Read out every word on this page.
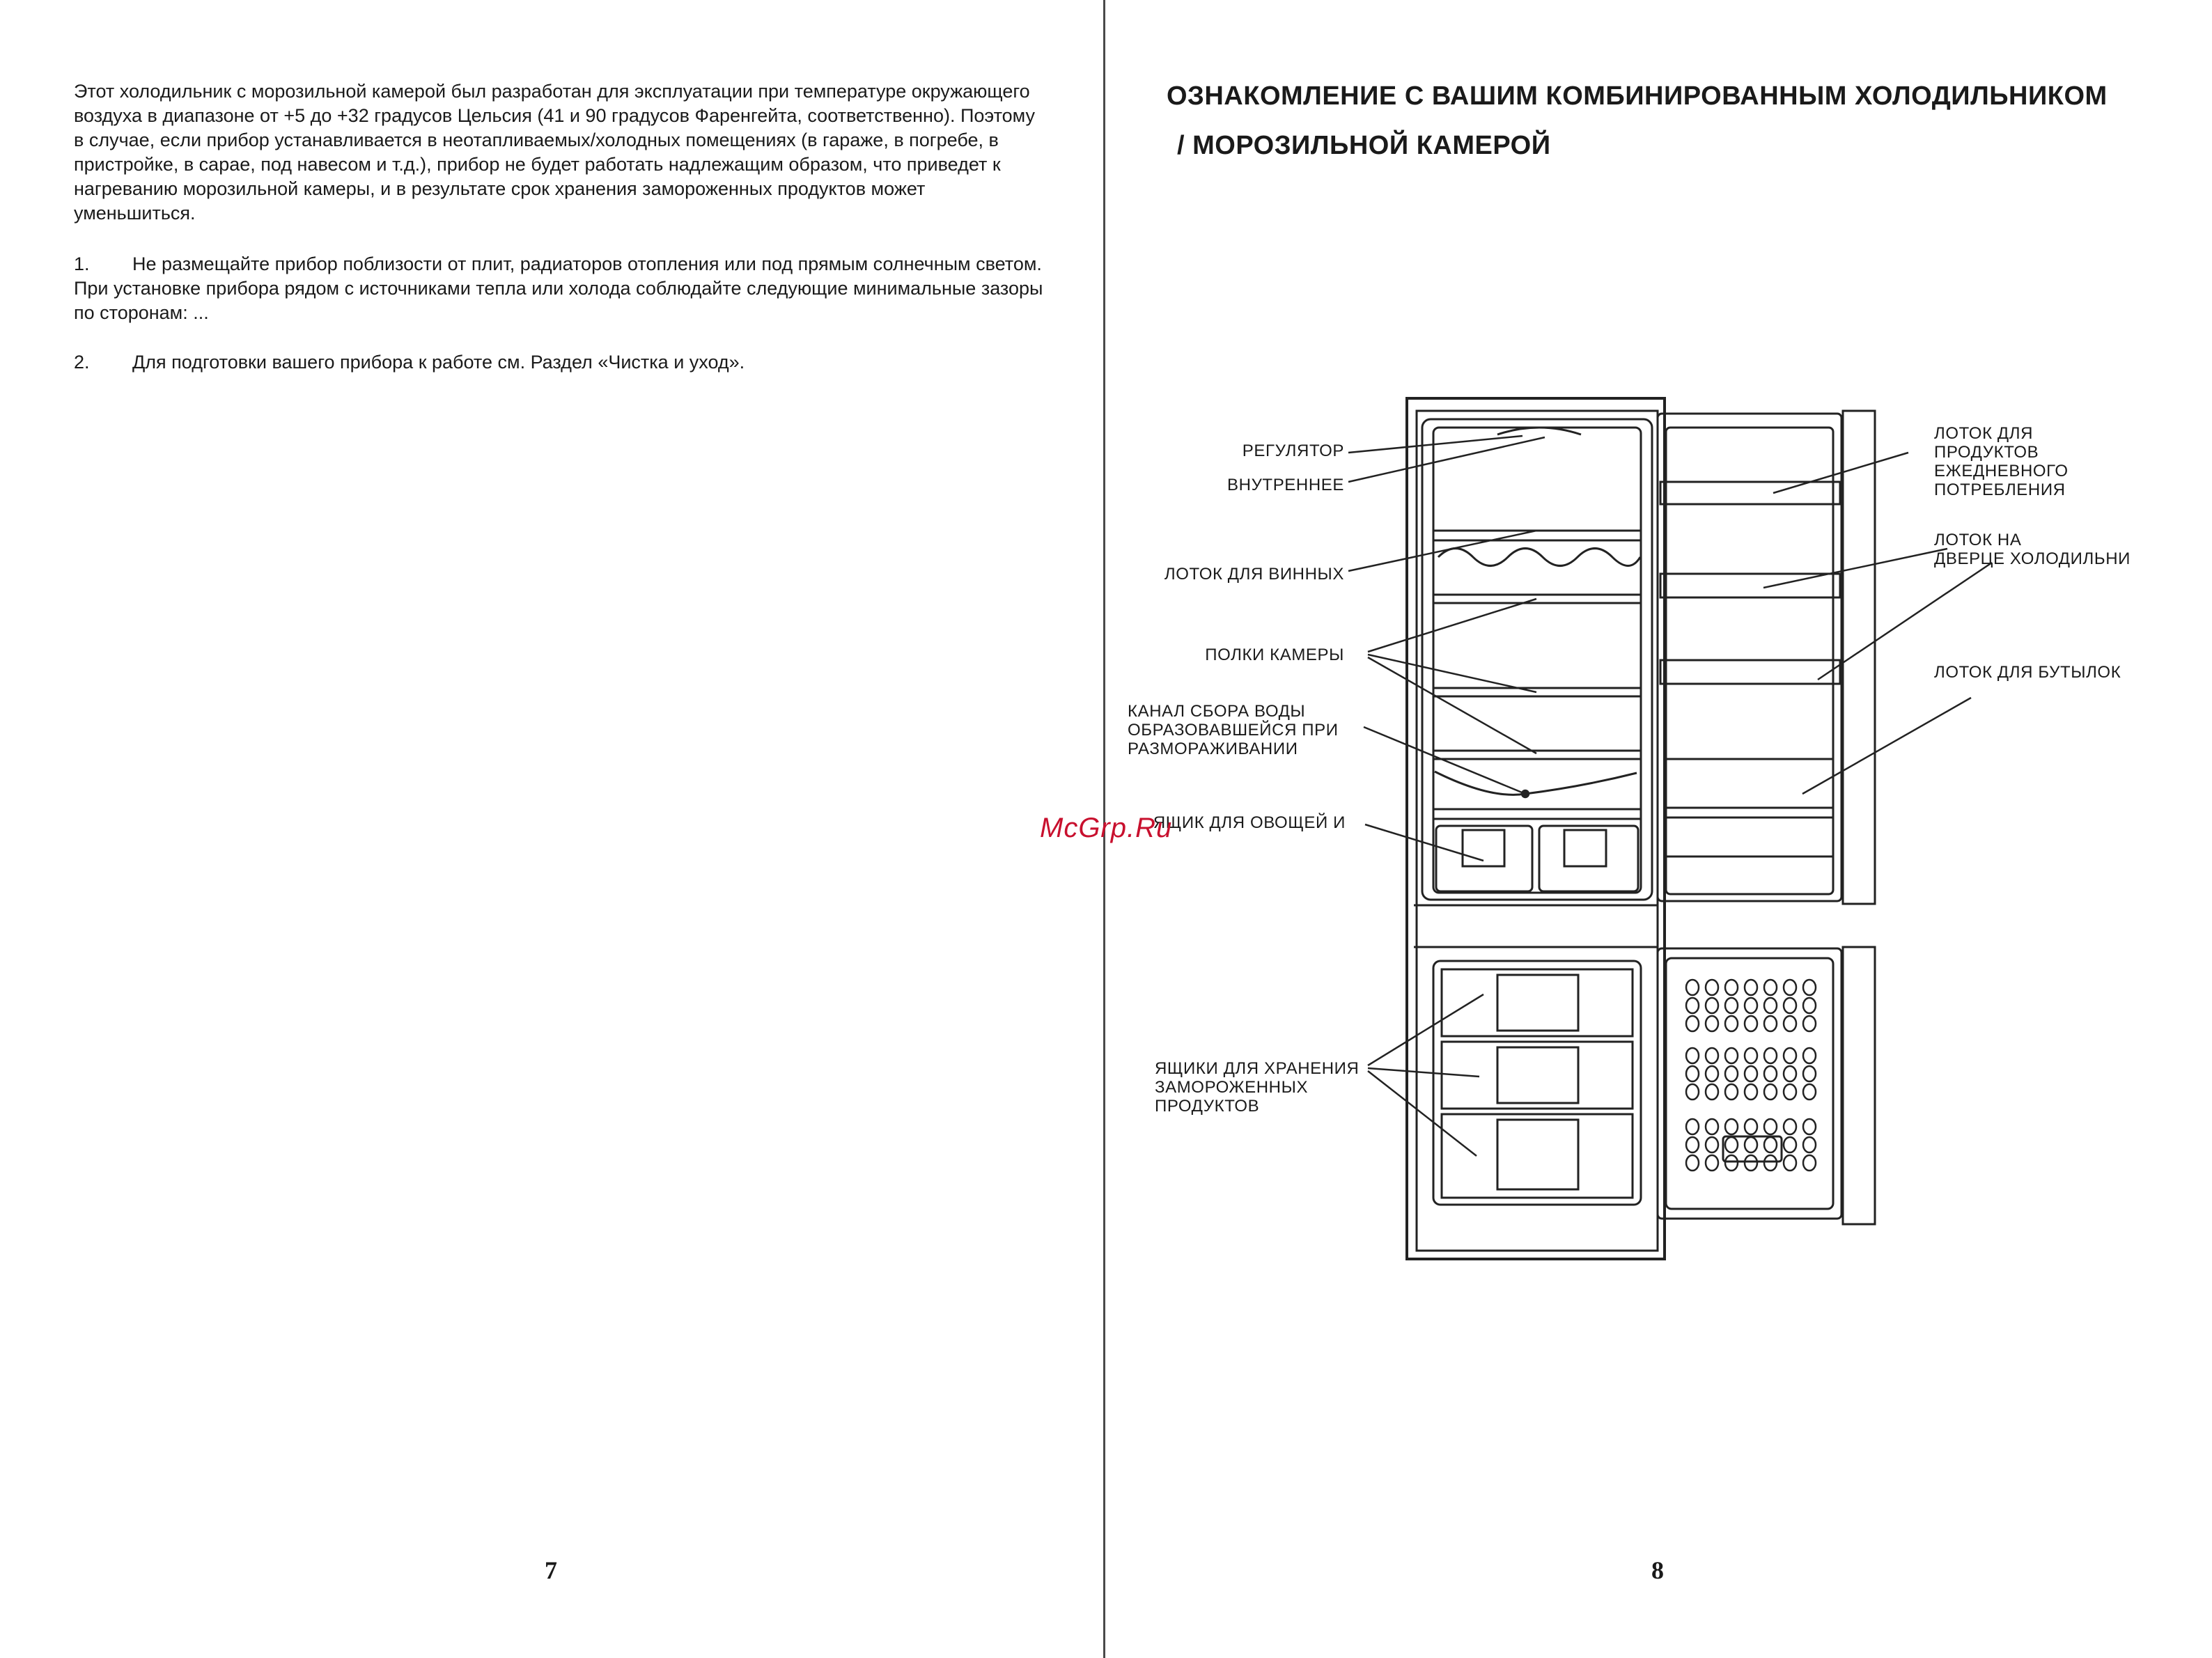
Этот холодильник с морозильной камерой был разработан для эксплуатации при температуре окружающего воздуха в диапазоне от +5 до +32 градусов Цельсия (41 и 90 градусов Фаренгейта, соответственно). Поэтому в случае, если прибор устанавливается в неотапливаемых/холодных помещениях (в гараже, в погребе, в пристройке, в сарае, под навесом и т.д.), прибор не будет работать надлежащим образом, что приведет к нагреванию морозильной камеры, и в результате срок хранения замороженных продуктов может уменьшиться.

1.	Не размещайте прибор поблизости от плит, радиаторов отопления или под прямым солнечным светом. При установке прибора рядом с источниками тепла или холода соблюдайте следующие минимальные зазоры по сторонам: ...
2.	Для подготовки вашего прибора к работе см. Раздел «Чистка и уход».
7
ОЗНАКОМЛЕНИЕ С ВАШИМ КОМБИНИРОВАННЫМ ХОЛОДИЛЬНИКОМ
/ МОРОЗИЛЬНОЙ КАМЕРОЙ
РЕГУЛЯТОР
ВНУТРЕННЕЕ
ЛОТОК ДЛЯ ВИННЫХ
ПОЛКИ КАМЕРЫ
КАНАЛ СБОРА ВОДЫ
ОБРАЗОВАВШЕЙСЯ ПРИ
РАЗМОРАЖИВАНИИ
ЯЩИК ДЛЯ ОВОЩЕЙ И
ЯЩИКИ ДЛЯ ХРАНЕНИЯ
ЗАМОРОЖЕННЫХ
ПРОДУКТОВ
ЛОТОК ДЛЯ
ПРОДУКТОВ
ЕЖЕДНЕВНОГО
ПОТРЕБЛЕНИЯ
ЛОТОК НА
ДВЕРЦЕ ХОЛОДИЛЬНИ
ЛОТОК ДЛЯ БУТЫЛОК
McGrp.Ru
8
